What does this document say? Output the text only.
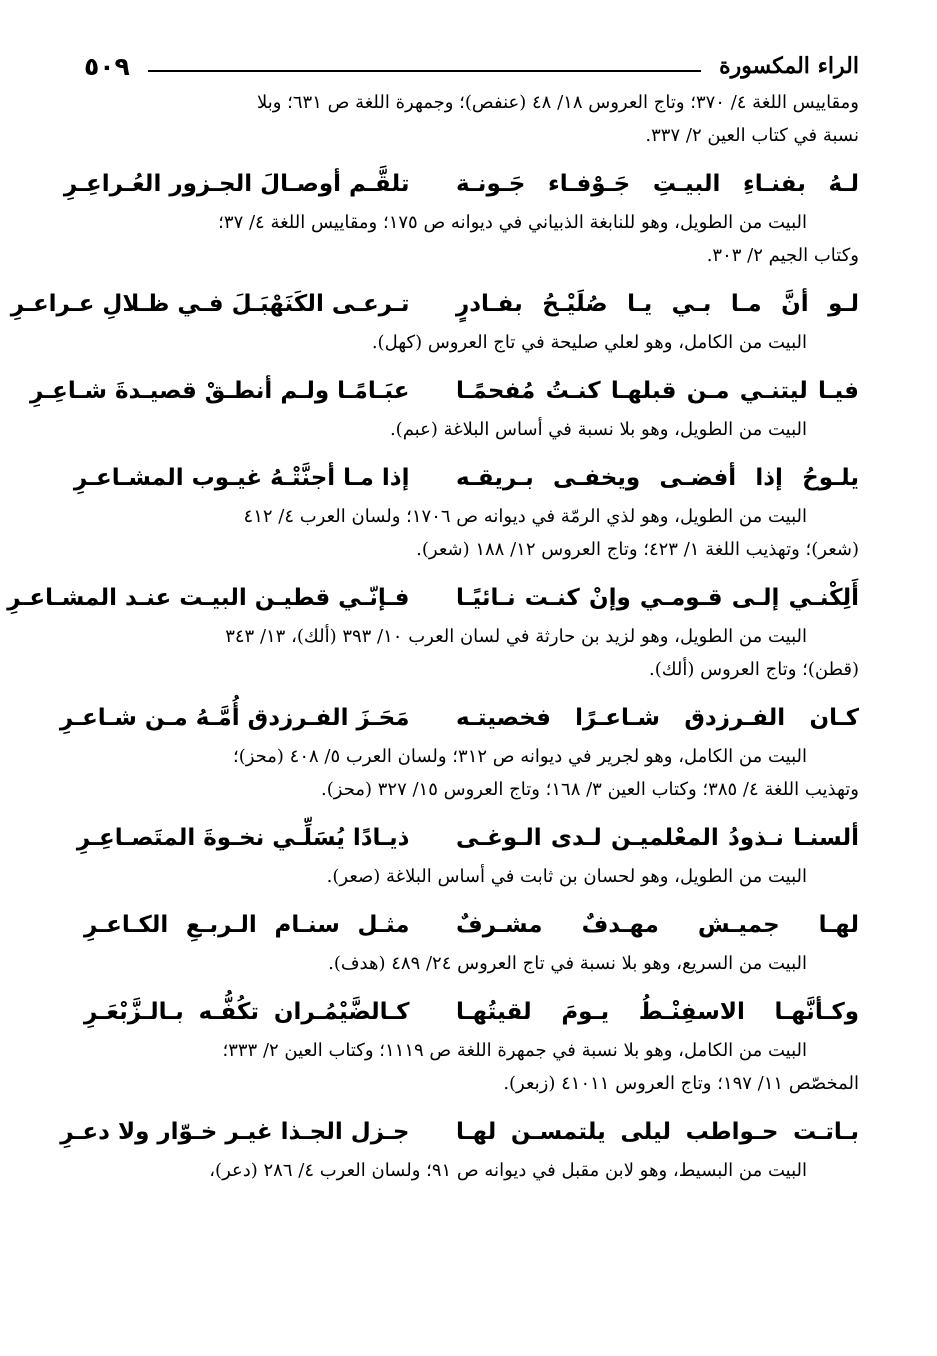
٥٠٩	الراء المكسورة

ومقاييس اللغة ٤/ ٣٧٠؛ وتاج العروس ١٨/ ٤٨ (عنفص)؛ وجمهرة اللغة ص ٦٣١؛ وبلا

نسبة في كتاب العين ٢/ ٣٣٧.

لـهُ بفنـاءِ البيـتِ جَـوْفـاء جَـونـة
تلقَّـم أوصـالَ الجـزور العُـراعِـرِ

البيت من الطويل، وهو للنابغة الذبياني في ديوانه ص ١٧٥؛ ومقاييس اللغة ٤/ ٣٧؛

وكتاب الجيم ٢/ ٣٠٣.

لـو أنَّ مـا بـي يـا صُلَيْـحُ بفـادرٍ
تـرعـى الكَنَهْبَـلَ فـي ظـلالِ عـراعـرِ

البيت من الكامل، وهو لعلي صليحة في تاج العروس (كهل).

فيـا ليتنـي مـن قبلهـا كنـتُ مُفحمًـا
عبَـامًـا ولـم أنطـقْ قصيـدةَ شـاعِـرِ

البيت من الطويل، وهو بلا نسبة في أساس البلاغة (عبم).

يلـوحُ إذا أفضـى ويخفـى بـريقـه
إذا مـا أجنَّتْـهُ غيـوب المشـاعـرِ

البيت من الطويل، وهو لذي الرمّة في ديوانه ص ١٧٠٦؛ ولسان العرب ٤/ ٤١٢

(شعر)؛ وتهذيب اللغة ١/ ٤٢٣؛ وتاج العروس ١٢/ ١٨٨ (شعر).

أَلِكْنـي إلـى قـومـي وإنْ كنـت نـائيًـا
فـإنّـي قطيـن البيـت عنـد المشـاعـرِ

البيت من الطويل، وهو لزيد بن حارثة في لسان العرب ١٠/ ٣٩٣ (ألك)، ١٣/ ٣٤٣

(قطن)؛ وتاج العروس (ألك).

كـان الفـرزدق شـاعـرًا فخصيتـه
مَحَـزَ الفـرزدق أُمَّـهُ مـن شـاعـرِ

البيت من الكامل، وهو لجرير في ديوانه ص ٣١٢؛ ولسان العرب ٥/ ٤٠٨ (محز)؛

وتهذيب اللغة ٤/ ٣٨٥؛ وكتاب العين ٣/ ١٦٨؛ وتاج العروس ١٥/ ٣٢٧ (محز).

ألسنـا نـذودُ المعْلميـن لـدى الـوغـى
ذيـادًا يُسَلِّـي نخـوةَ المتَصـاعِـرِ

البيت من الطويل، وهو لحسان بن ثابت في أساس البلاغة (صعر).

لهـا جميـش مهـدفٌ مشـرفٌ
مثـل سنـام الـربـعِ الكـاعـرِ

البيت من السريع، وهو بلا نسبة في تاج العروس ٢٤/ ٤٨٩ (هدف).

وكـأنَّهـا الاسفِنْـطُ يـومَ لقيتُهـا
كـالضَّيْمُـران تكُفُّـه بـالـزَّبْعَـرِ

البيت من الكامل، وهو بلا نسبة في جمهرة اللغة ص ١١١٩؛ وكتاب العين ٢/ ٣٣٣؛

المخصّص ١١/ ١٩٧؛ وتاج العروس ٤١٠١١ (زبعر).

بـاتـت حـواطب ليلى يلتمسـن لهـا
جـزل الجـذا غيـر خـوّار ولا دعـرِ

البيت من البسيط، وهو لابن مقبل في ديوانه ص ٩١؛ ولسان العرب ٤/ ٢٨٦ (دعر)،
